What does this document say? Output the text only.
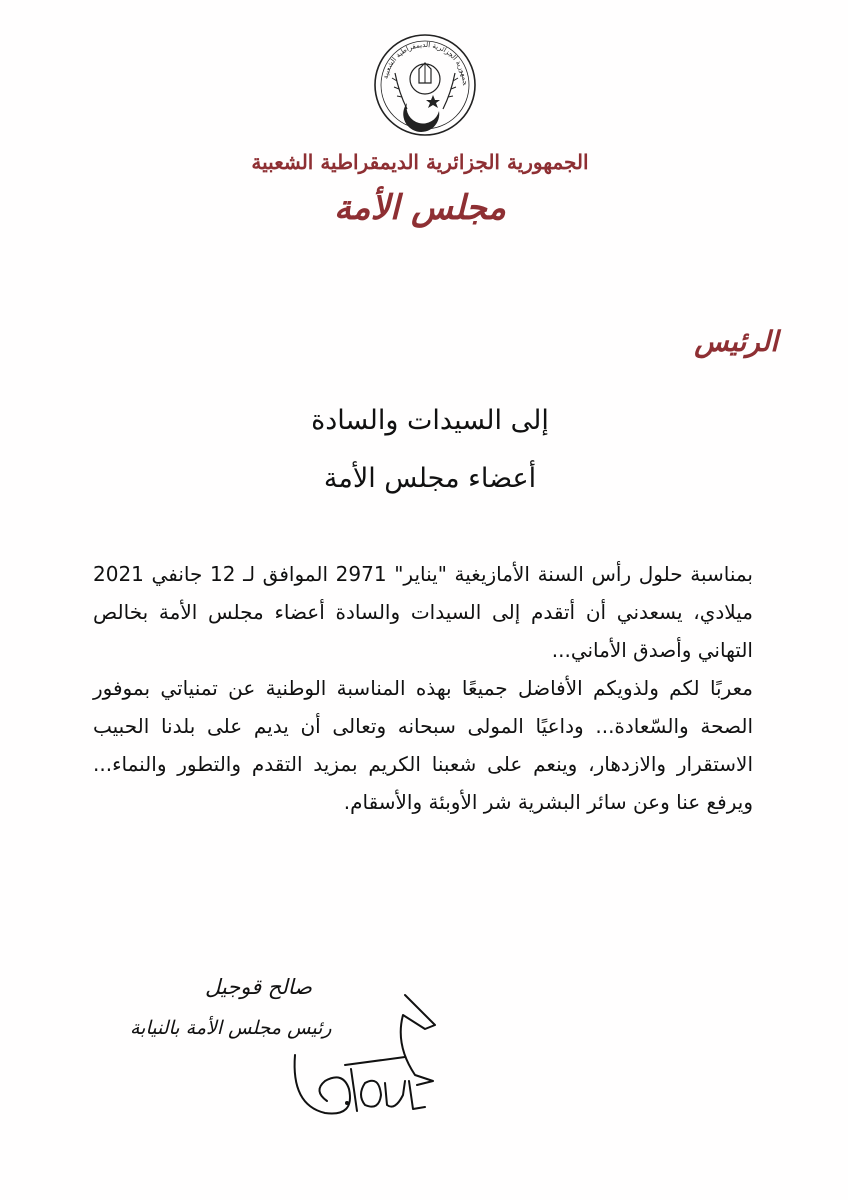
جمهورية الجزائرية الديمقراطية الشعبية
الجمهورية الجزائرية الديمقراطية الشعبية
مجلس الأمة
الرئيس
إلى السيدات والسادة
أعضاء مجلس الأمة

بمناسبة حلول رأس السنة الأمازيغية "يناير" 2971 الموافق لـ 12 جانفي 2021 ميلادي، يسعدني أن أتقدم إلى السيدات والسادة أعضاء مجلس الأمة بخالص التهاني وأصدق الأماني...

معربًا لكم ولذويكم الأفاضل جميعًا بهذه المناسبة الوطنية عن تمنياتي بموفور الصحة والسّعادة... وداعيًا المولى سبحانه وتعالى أن يديم على بلدنا الحبيب الاستقرار والازدهار، وينعم على شعبنا الكريم بمزيد التقدم والتطور والنماء... ويرفع عنا وعن سائر البشرية شر الأوبئة والأسقام.

صالح قوجيل
رئيس مجلس الأمة بالنيابة
